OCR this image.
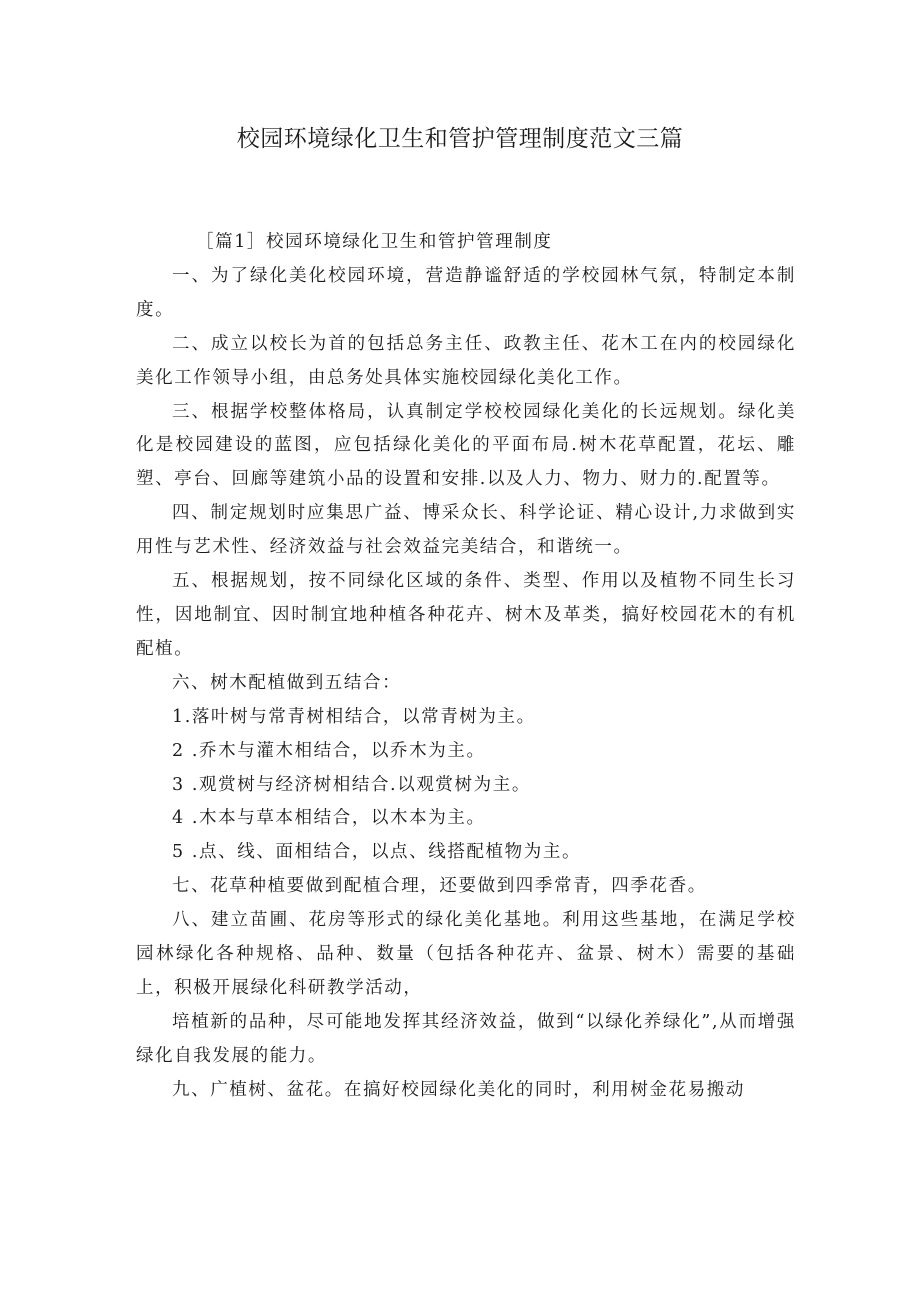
校园环境绿化卫生和管护管理制度范文三篇

［篇1］校园环境绿化卫生和管护管理制度

一、为了绿化美化校园环境，营造静谧舒适的学校园林气氛，特制定本制度。

二、成立以校长为首的包括总务主任、政教主任、花木工在内的校园绿化美化工作领导小组，由总务处具体实施校园绿化美化工作。

三、根据学校整体格局，认真制定学校校园绿化美化的长远规划。绿化美化是校园建设的蓝图，应包括绿化美化的平面布局.树木花草配置，花坛、雕塑、亭台、回廊等建筑小品的设置和安排.以及人力、物力、财力的.配置等。

四、制定规划时应集思广益、博采众长、科学论证、精心设计,力求做到实用性与艺术性、经济效益与社会效益完美结合，和谐统一。

五、根据规划，按不同绿化区域的条件、类型、作用以及植物不同生长习性，因地制宜、因时制宜地种植各种花卉、树木及革类，搞好校园花木的有机配植。

六、树木配植做到五结合：

1.落叶树与常青树相结合，以常青树为主。

2 .乔木与灌木相结合，以乔木为主。

3 .观赏树与经济树相结合.以观赏树为主。

4 .木本与草本相结合，以木本为主。

5 .点、线、面相结合，以点、线搭配植物为主。

七、花草种植要做到配植合理，还要做到四季常青，四季花香。

八、建立苗圃、花房等形式的绿化美化基地。利用这些基地，在满足学校园林绿化各种规格、品种、数量（包括各种花卉、盆景、树木）需要的基础上，积极开展绿化科研教学活动，

培植新的品种，尽可能地发挥其经济效益，做到“以绿化养绿化”,从而增强绿化自我发展的能力。

九、广植树、盆花。在搞好校园绿化美化的同时，利用树金花易搬动
